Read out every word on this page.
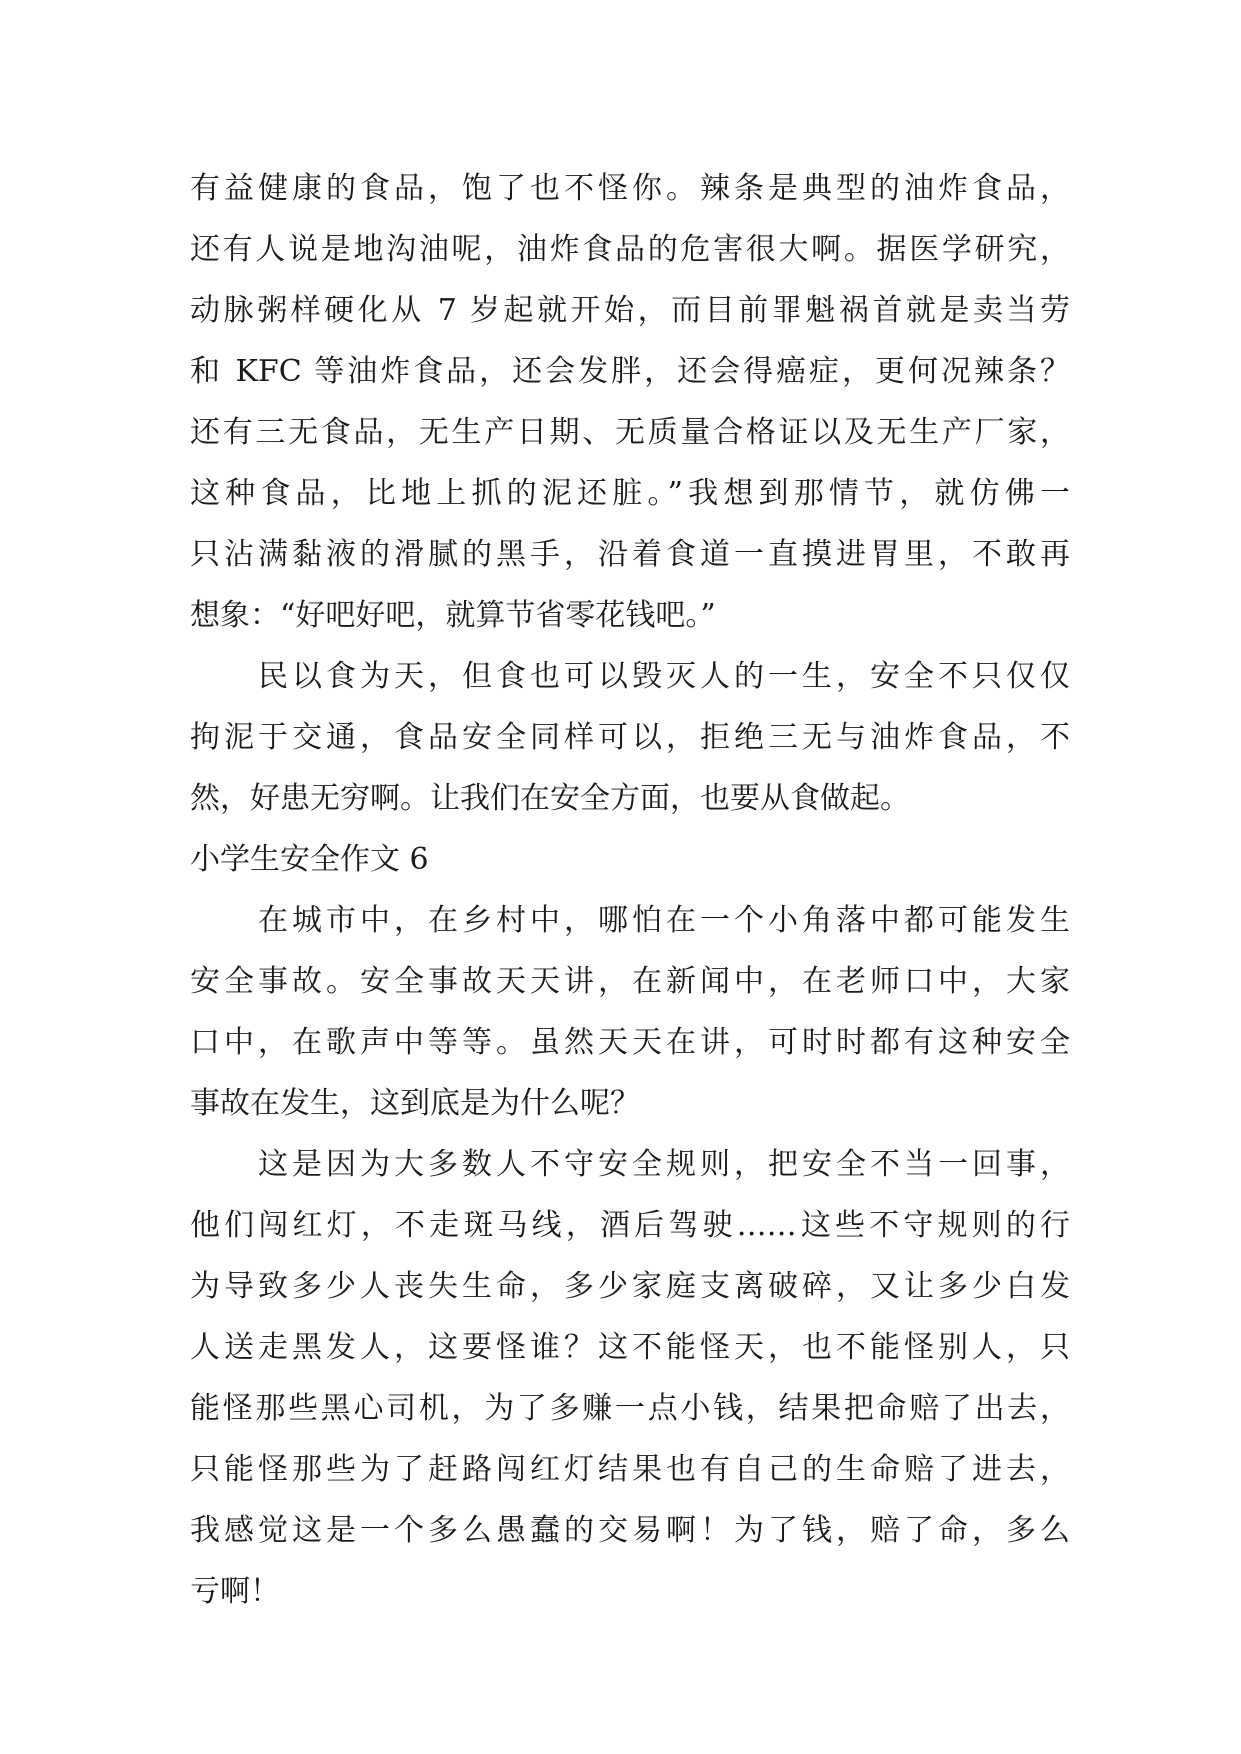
有益健康的食品，饱了也不怪你。辣条是典型的油炸食品，
还有人说是地沟油呢，油炸食品的危害很大啊。据医学研究，
动脉粥样硬化从 7 岁起就开始，而目前罪魁祸首就是卖当劳
和 KFC 等油炸食品，还会发胖，还会得癌症，更何况辣条？
还有三无食品，无生产日期、无质量合格证以及无生产厂家，
这种食品，比地上抓的泥还脏。”我想到那情节，就仿佛一
只沾满黏液的滑腻的黑手，沿着食道一直摸进胃里，不敢再
想象：“好吧好吧，就算节省零花钱吧。”
民以食为天，但食也可以毁灭人的一生，安全不只仅仅
拘泥于交通，食品安全同样可以，拒绝三无与油炸食品，不
然，好患无穷啊。让我们在安全方面，也要从食做起。
小学生安全作文 6
在城市中，在乡村中，哪怕在一个小角落中都可能发生
安全事故。安全事故天天讲，在新闻中，在老师口中，大家
口中，在歌声中等等。虽然天天在讲，可时时都有这种安全
事故在发生，这到底是为什么呢？
这是因为大多数人不守安全规则，把安全不当一回事，
他们闯红灯，不走斑马线，酒后驾驶……这些不守规则的行
为导致多少人丧失生命，多少家庭支离破碎，又让多少白发
人送走黑发人，这要怪谁？这不能怪天，也不能怪别人，只
能怪那些黑心司机，为了多赚一点小钱，结果把命赔了出去，
只能怪那些为了赶路闯红灯结果也有自己的生命赔了进去，
我感觉这是一个多么愚蠢的交易啊！为了钱，赔了命，多么
亏啊！
